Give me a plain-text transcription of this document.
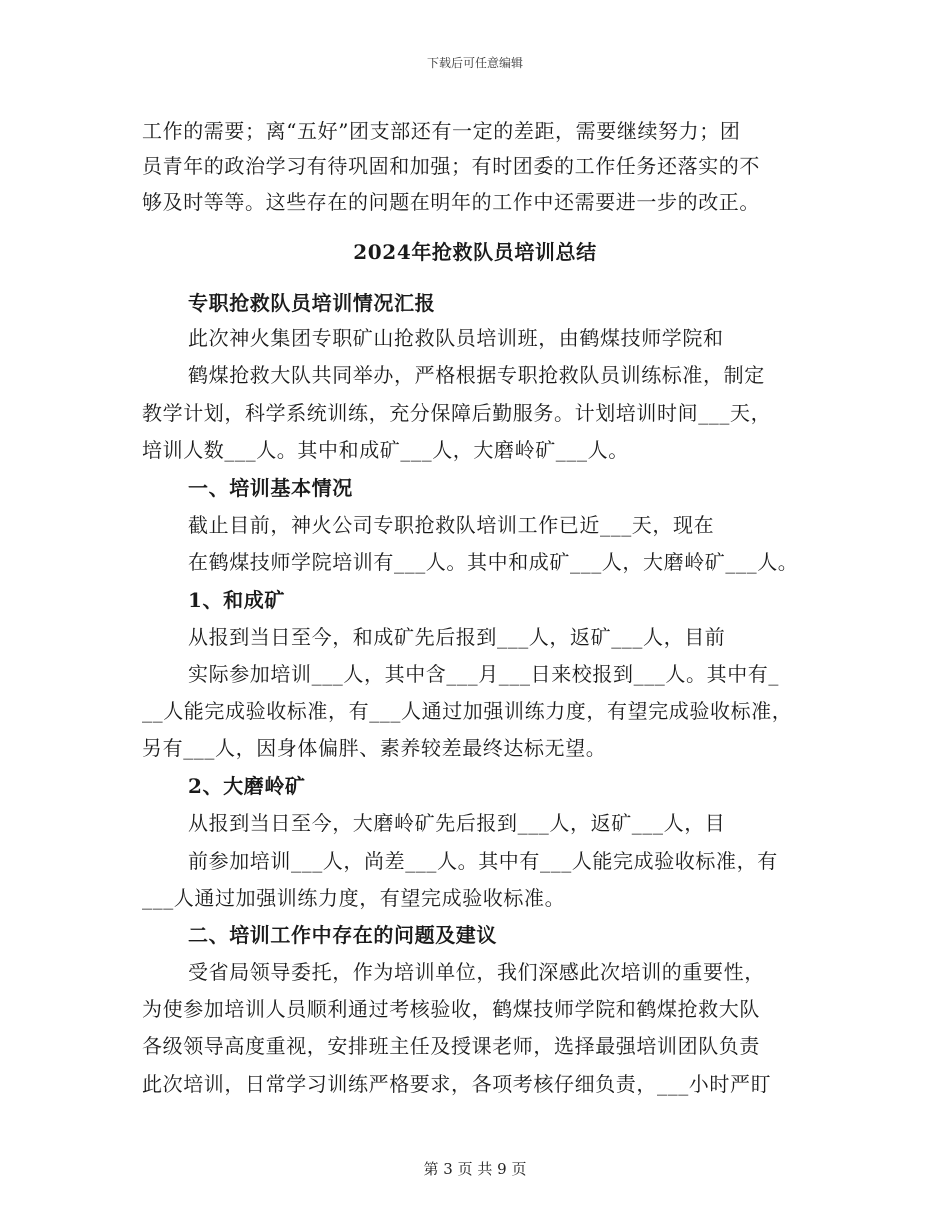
下载后可任意编辑
工作的需要；离“五好”团支部还有一定的差距，需要继续努力；团
员青年的政治学习有待巩固和加强；有时团委的工作任务还落实的不
够及时等等。这些存在的问题在明年的工作中还需要进一步的改正。
2024年抢救队员培训总结
专职抢救队员培训情况汇报
此次神火集团专职矿山抢救队员培训班，由鹤煤技师学院和
鹤煤抢救大队共同举办，严格根据专职抢救队员训练标准，制定
教学计划，科学系统训练，充分保障后勤服务。计划培训时间___天，
培训人数___人。其中和成矿___人，大磨岭矿___人。
一、培训基本情况
截止目前，神火公司专职抢救队培训工作已近___天，现在
在鹤煤技师学院培训有___人。其中和成矿___人，大磨岭矿___人。
1、和成矿
从报到当日至今，和成矿先后报到___人，返矿___人，目前
实际参加培训___人，其中含___月___日来校报到___人。其中有_
__人能完成验收标准，有___人通过加强训练力度，有望完成验收标准，
另有___人，因身体偏胖、素养较差最终达标无望。
2、大磨岭矿
从报到当日至今，大磨岭矿先后报到___人，返矿___人，目
前参加培训___人，尚差___人。其中有___人能完成验收标准，有
___人通过加强训练力度，有望完成验收标准。
二、培训工作中存在的问题及建议
受省局领导委托，作为培训单位，我们深感此次培训的重要性，
为使参加培训人员顺利通过考核验收，鹤煤技师学院和鹤煤抢救大队
各级领导高度重视，安排班主任及授课老师，选择最强培训团队负责
此次培训，日常学习训练严格要求，各项考核仔细负责，___小时严盯
第 3 页 共 9 页
